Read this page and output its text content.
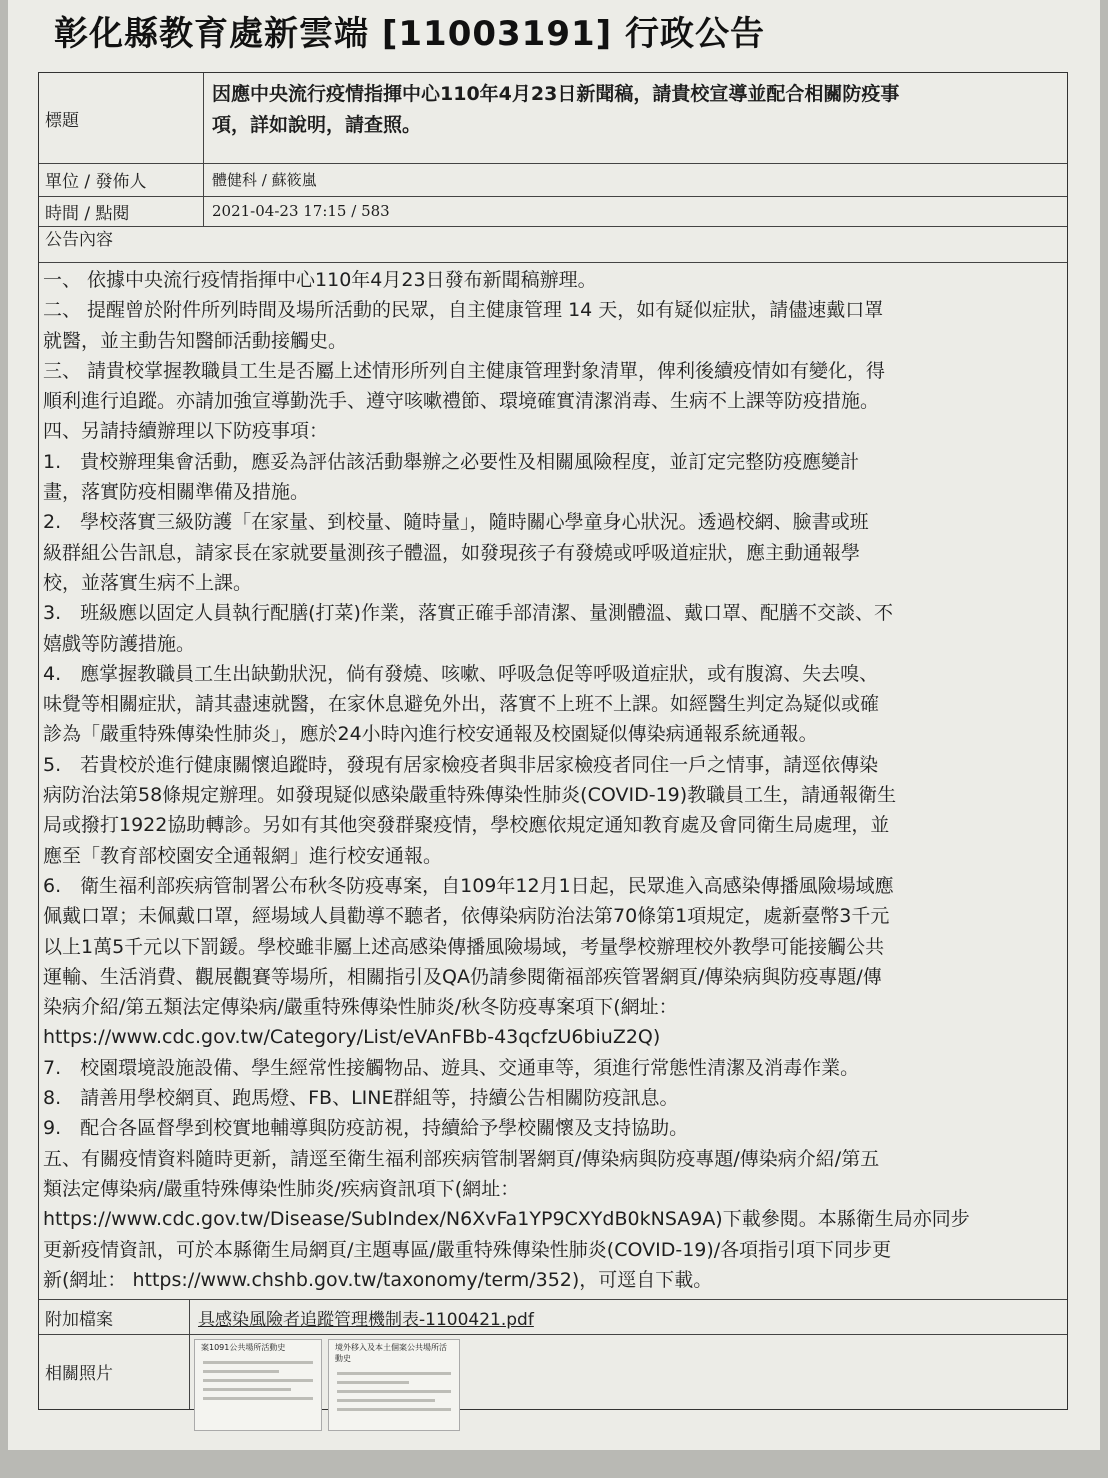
彰化縣教育處新雲端 [11003191] 行政公告
標題
因應中央流行疫情指揮中心110年4月23日新聞稿，請貴校宣導並配合相關防疫事
項，詳如說明，請查照。
單位 / 發佈人	體健科 / 蘇筱嵐
時間 / 點閱	2021-04-23 17:15 / 583
公告內容
一、 依據中央流行疫情指揮中心110年4月23日發布新聞稿辦理。
二、 提醒曾於附件所列時間及場所活動的民眾，自主健康管理 14 天，如有疑似症狀，請儘速戴口罩
就醫，並主動告知醫師活動接觸史。
三、 請貴校掌握教職員工生是否屬上述情形所列自主健康管理對象清單，俾利後續疫情如有變化，得
順利進行追蹤。亦請加強宣導勤洗手、遵守咳嗽禮節、環境確實清潔消毒、生病不上課等防疫措施。
四、另請持續辦理以下防疫事項：
1.　貴校辦理集會活動，應妥為評估該活動舉辦之必要性及相關風險程度，並訂定完整防疫應變計
畫，落實防疫相關準備及措施。
2.　學校落實三級防護「在家量、到校量、隨時量」，隨時關心學童身心狀況。透過校網、臉書或班
級群組公告訊息，請家長在家就要量測孩子體溫，如發現孩子有發燒或呼吸道症狀，應主動通報學
校，並落實生病不上課。
3.　班級應以固定人員執行配膳(打菜)作業，落實正確手部清潔、量測體溫、戴口罩、配膳不交談、不
嬉戲等防護措施。
4.　應掌握教職員工生出缺勤狀況，倘有發燒、咳嗽、呼吸急促等呼吸道症狀，或有腹瀉、失去嗅、
味覺等相關症狀，請其盡速就醫，在家休息避免外出，落實不上班不上課。如經醫生判定為疑似或確
診為「嚴重特殊傳染性肺炎」，應於24小時內進行校安通報及校園疑似傳染病通報系統通報。
5.　若貴校於進行健康關懷追蹤時，發現有居家檢疫者與非居家檢疫者同住一戶之情事，請逕依傳染
病防治法第58條規定辦理。如發現疑似感染嚴重特殊傳染性肺炎(COVID-19)教職員工生，請通報衛生
局或撥打1922協助轉診。另如有其他突發群聚疫情，學校應依規定通知教育處及會同衛生局處理，並
應至「教育部校園安全通報網」進行校安通報。
6.　衛生福利部疾病管制署公布秋冬防疫專案，自109年12月1日起，民眾進入高感染傳播風險場域應
佩戴口罩；未佩戴口罩，經場域人員勸導不聽者，依傳染病防治法第70條第1項規定，處新臺幣3千元
以上1萬5千元以下罰鍰。學校雖非屬上述高感染傳播風險場域，考量學校辦理校外教學可能接觸公共
運輸、生活消費、觀展觀賽等場所，相關指引及QA仍請參閱衛福部疾管署網頁/傳染病與防疫專題/傳
染病介紹/第五類法定傳染病/嚴重特殊傳染性肺炎/秋冬防疫專案項下(網址：
https://www.cdc.gov.tw/Category/List/eVAnFBb-43qcfzU6biuZ2Q)
7.　校園環境設施設備、學生經常性接觸物品、遊具、交通車等，須進行常態性清潔及消毒作業。
8.　請善用學校網頁、跑馬燈、FB、LINE群組等，持續公告相關防疫訊息。
9.　配合各區督學到校實地輔導與防疫訪視，持續給予學校關懷及支持協助。
五、有關疫情資料隨時更新，請逕至衛生福利部疾病管制署網頁/傳染病與防疫專題/傳染病介紹/第五
類法定傳染病/嚴重特殊傳染性肺炎/疾病資訊項下(網址：
https://www.cdc.gov.tw/Disease/SubIndex/N6XvFa1YP9CXYdB0kNSA9A)下載參閱。本縣衛生局亦同步
更新疫情資訊，可於本縣衛生局網頁/主題專區/嚴重特殊傳染性肺炎(COVID-19)/各項指引項下同步更
新(網址： https://www.chshb.gov.tw/taxonomy/term/352)，可逕自下載。
附加檔案	具感染風險者追蹤管理機制表-1100421.pdf
相關照片
案1091公共場所活動史	境外移入及本土個案公共場所活動史
